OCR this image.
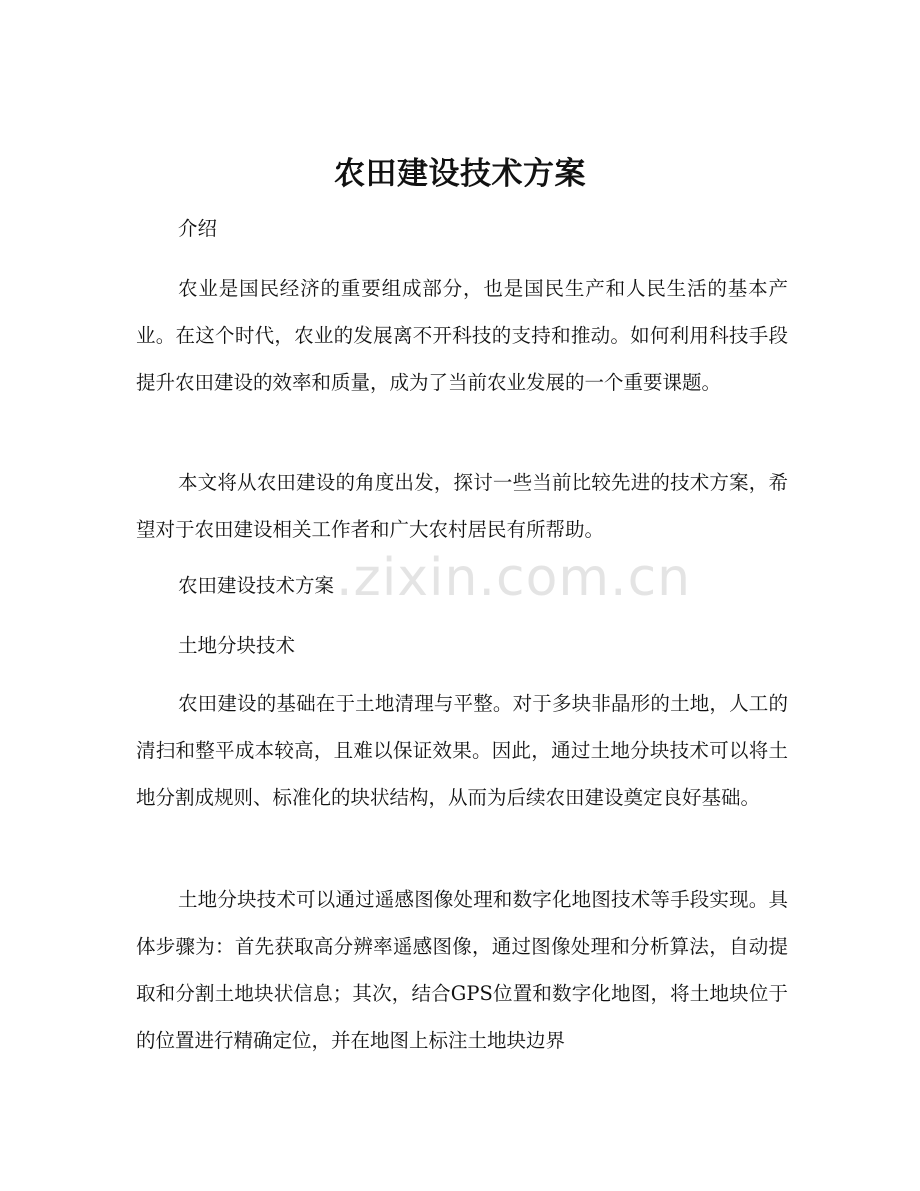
农田建设技术方案
介绍
农业是国民经济的重要组成部分，也是国民生产和人民生活的基本产业。在这个时代，农业的发展离不开科技的支持和推动。如何利用科技手段提升农田建设的效率和质量，成为了当前农业发展的一个重要课题。
本文将从农田建设的角度出发，探讨一些当前比较先进的技术方案，希望对于农田建设相关工作者和广大农村居民有所帮助。
农田建设技术方案
土地分块技术
农田建设的基础在于土地清理与平整。对于多块非晶形的土地，人工的清扫和整平成本较高，且难以保证效果。因此，通过土地分块技术可以将土地分割成规则、标准化的块状结构，从而为后续农田建设奠定良好基础。
土地分块技术可以通过遥感图像处理和数字化地图技术等手段实现。具体步骤为：首先获取高分辨率遥感图像，通过图像处理和分析算法，自动提取和分割土地块状信息；其次，结合GPS位置和数字化地图，将土地块位于的位置进行精确定位，并在地图上标注土地块边界
.zixin.com.cn
